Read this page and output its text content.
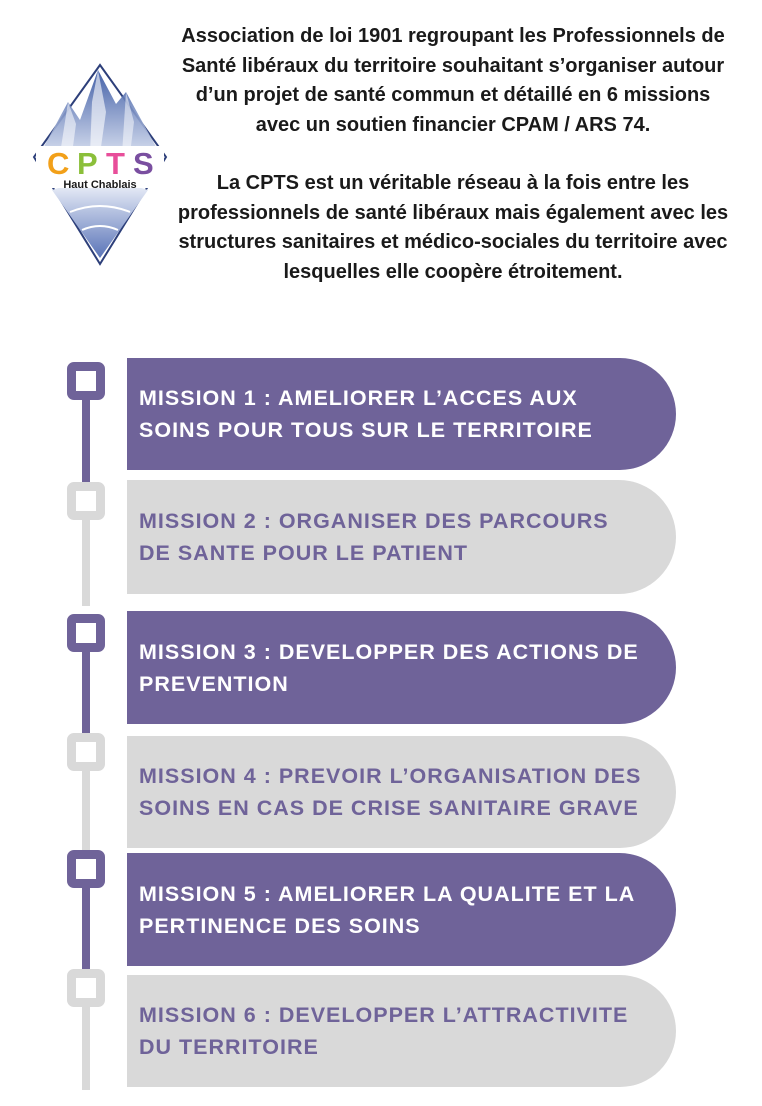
C P T S
Haut Chablais

Association de loi 1901 regroupant les Professionnels de Santé libéraux du territoire souhaitant s’organiser autour d’un projet de santé commun et détaillé en 6 missions avec un soutien financier CPAM / ARS 74.

La CPTS est un véritable réseau à la fois entre les professionnels de santé libéraux mais également avec les structures sanitaires et médico-sociales du territoire avec lesquelles elle coopère étroitement.

MISSION 1 : AMELIORER L’ACCES AUX SOINS POUR TOUS SUR LE TERRITOIRE
MISSION 2 : ORGANISER DES PARCOURS DE SANTE POUR LE PATIENT
MISSION 3 : DEVELOPPER DES ACTIONS DE PREVENTION
MISSION 4 : PREVOIR L’ORGANISATION DES SOINS EN CAS DE CRISE SANITAIRE GRAVE
MISSION 5 : AMELIORER LA QUALITE ET LA PERTINENCE DES SOINS
MISSION 6 : DEVELOPPER L’ATTRACTIVITE DU TERRITOIRE
